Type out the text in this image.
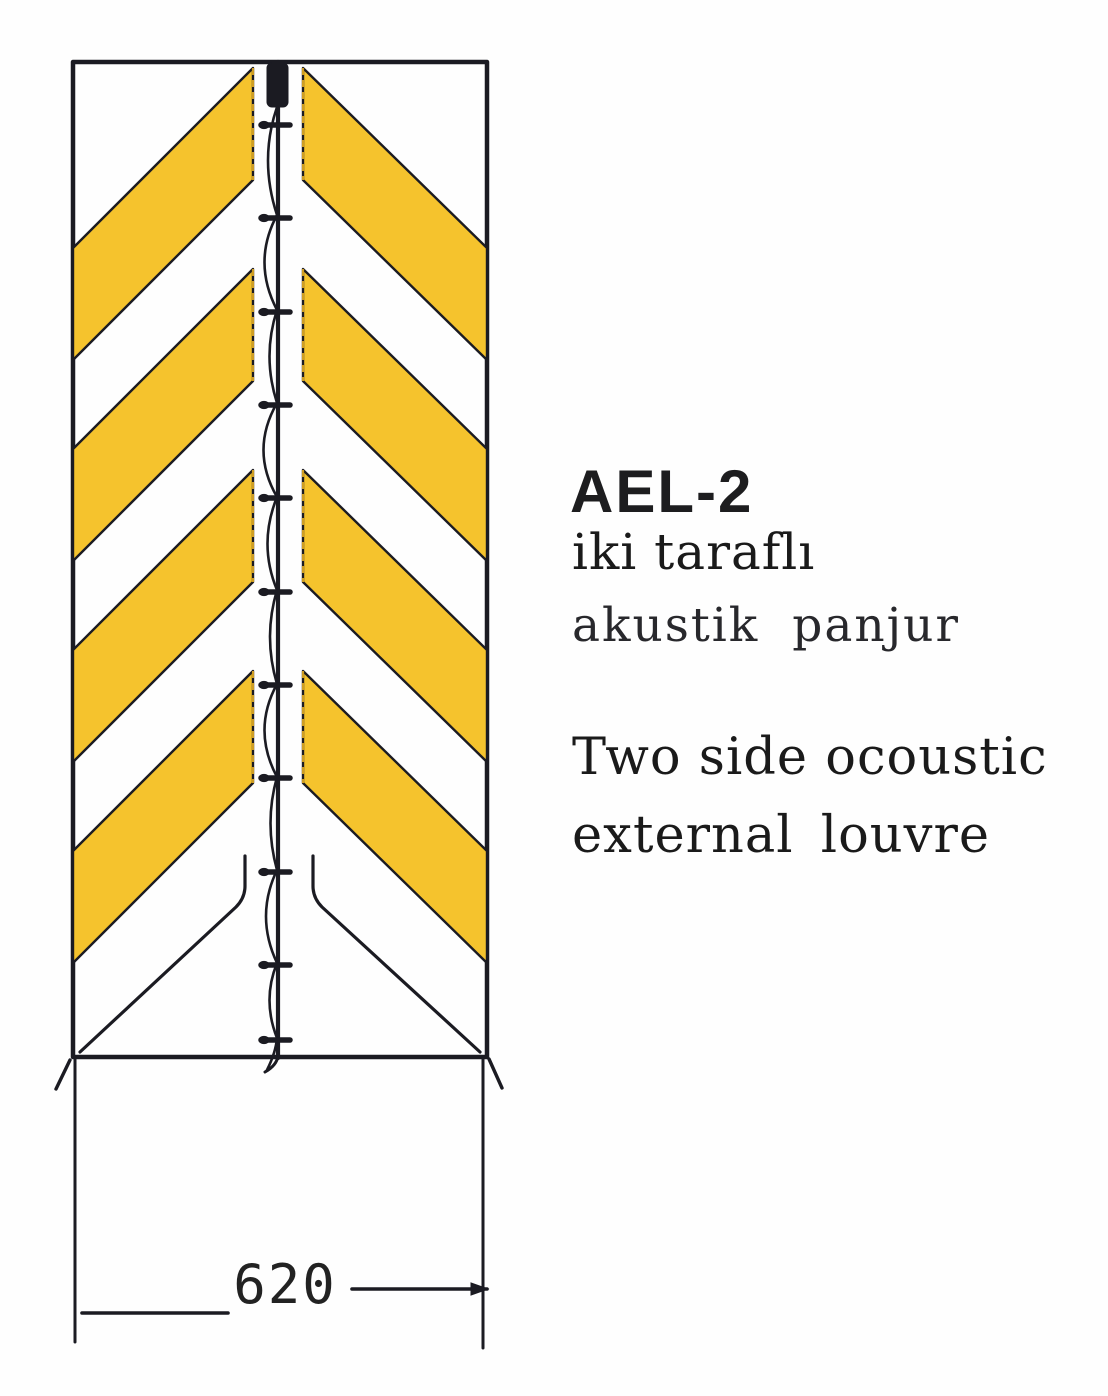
AEL-2
iki taraflı
akustik panjur
Two side ocoustic
external louvre
620
